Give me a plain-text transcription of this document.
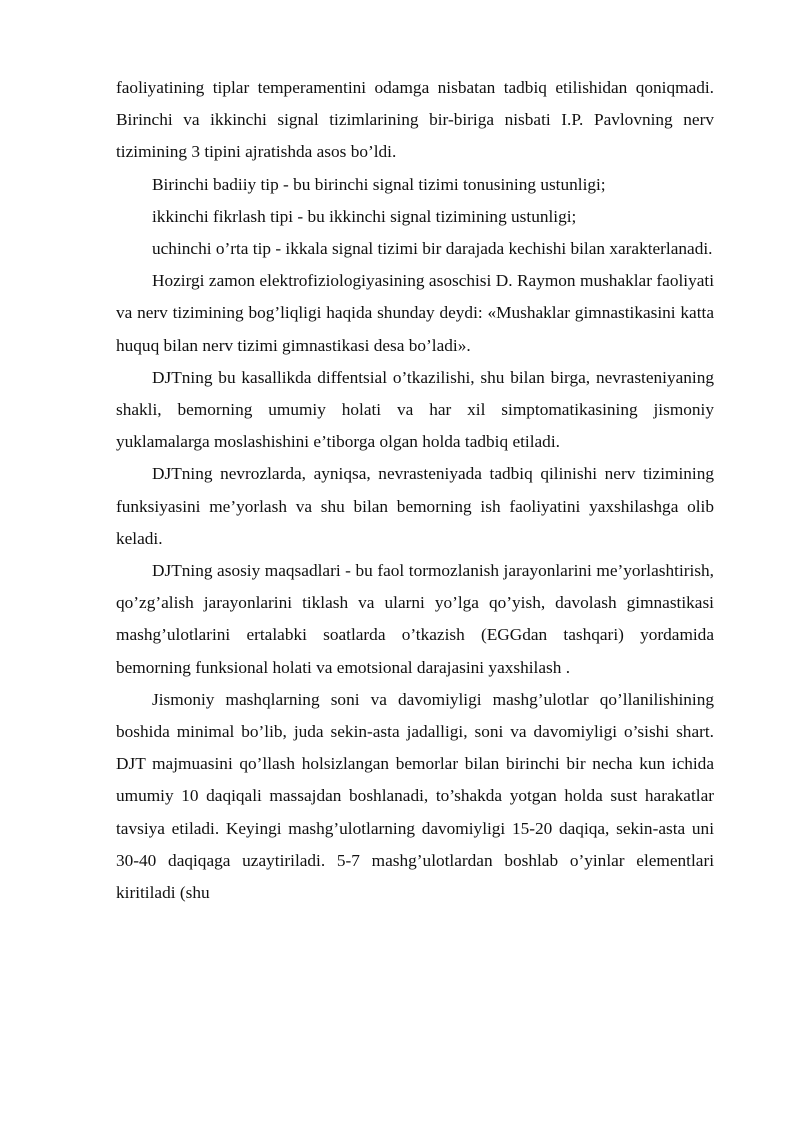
faoliyatining tiplar temperamentini odamga nisbatan tadbiq etilishidan qoniqmadi. Birinchi va ikkinchi signal tizimlarining bir-biriga nisbati I.P. Pavlovning nerv tizimining 3 tipini ajratishda asos bo’ldi.

Birinchi badiiy tip - bu birinchi signal tizimi tonusining ustunligi;

ikkinchi fikrlash tipi - bu ikkinchi signal tizimining ustunligi;

uchinchi o’rta tip - ikkala signal tizimi bir darajada kechishi bilan xarakterlanadi.

Hozirgi zamon elektrofiziologiyasining asoschisi D. Raymon mushaklar faoliyati va nerv tizimining bog’liqligi haqida shunday deydi: «Mushaklar gimnastikasini katta huquq bilan nerv tizimi gimnastikasi desa bo’ladi».

DJTning bu kasallikda diffentsial o’tkazilishi, shu bilan birga, nevrasteniyaning shakli, bemorning umumiy holati va har xil simptomatikasining jismoniy yuklamalarga moslashishini e’tiborga olgan holda tadbiq etiladi.

DJTning nevrozlarda, ayniqsa, nevrasteniyada tadbiq qilinishi nerv tizimining funksiyasini me’yorlash va shu bilan bemorning ish faoliyatini yaxshilashga olib keladi.

DJTning asosiy maqsadlari - bu faol tormozlanish jarayonlarini me’yorlashtirish, qo’zg’alish jarayonlarini tiklash va ularni yo’lga qo’yish, davolash gimnastikasi mashg’ulotlarini ertalabki soatlarda o’tkazish (EGGdan tashqari) yordamida bemorning funksional holati va emotsional darajasini yaxshilash .

Jismoniy mashqlarning soni va davomiyligi mashg’ulotlar qo’llanilishining boshida minimal bo’lib, juda sekin-asta jadalligi, soni va davomiyligi o’sishi shart. DJT majmuasini qo’llash holsizlangan bemorlar bilan birinchi bir necha kun ichida umumiy 10 daqiqali massajdan boshlanadi, to’shakda yotgan holda sust harakatlar tavsiya etiladi. Keyingi mashg’ulotlarning davomiyligi 15-20 daqiqa, sekin-asta uni 30-40 daqiqaga uzaytiriladi. 5-7 mashg’ulotlardan boshlab o’yinlar elementlari kiritiladi (shu
